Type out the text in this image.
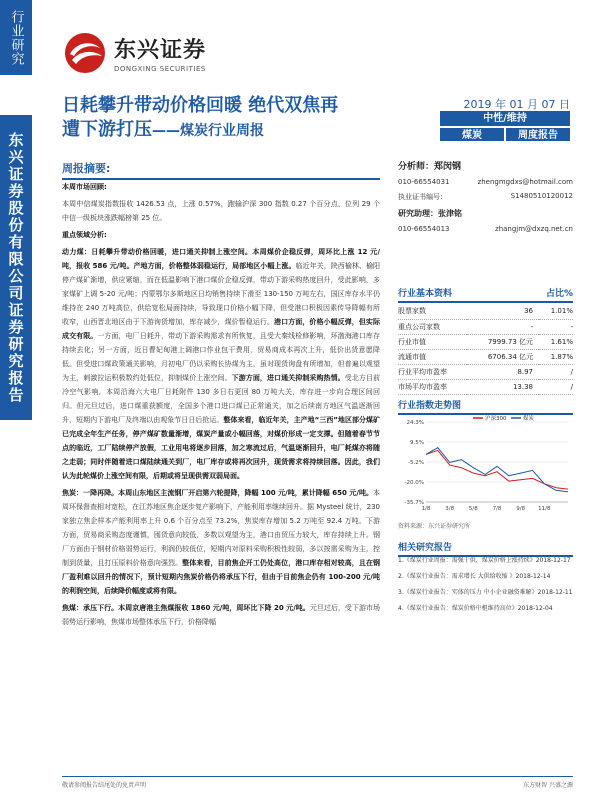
行业研究
东兴证券股份有限公司证券研究报告
东兴证券
DONGXING SECURITIES
日耗攀升带动价格回暖 绝代双焦再
遭下游打压——煤炭行业周报
2019 年 01 月 07 日
中性/维持
煤炭	周度报告
周报摘要:

本周市场回顾:

本周中信煤炭指数报收 1426.53 点，上涨 0.57%，跑输沪深 300 指数 0.27 个百分点，位列 29 个中信一级板块涨跌幅榜第 25 位。

重点领域分析:

动力煤：日耗攀升带动价格回暖，进口通关抑制上涨空间。本周煤价企稳反弹，周环比上涨 12 元/吨，报收 586 元/吨。产地方面，价格整体弱稳运行，局部地区小幅上涨。临近年关，陕西榆林、榆阳停产煤矿渐增，供应紧缩，而在低温影响下港口煤价企稳反弹，带动下游采购热度回升，受此影响，多家煤矿上调 5-20 元/吨；内蒙鄂尔多斯地区日均销售持续下滑至 130-150 万吨左右，国区库存水平仍维持在 240 万吨高位，供给宽松局面持续，导致现口价格小幅下降，但受港口积极因素传导降幅有所收窄，山西晋北地区由于下游询货增加，库存减少，煤价暂稳运行。港口方面，价格小幅反弹，但实际成交有限。一方面，电厂日耗升，带动下游采购需求有所恢复，且受大秦线检修影响，环渤海港口库存持续去化；另一方面，近日曹妃甸港上调港口作业包干费用，贸易商成本再次上升，低价出货意愿降低。但受进口煤政策通关影响，月初电厂仍以采购长协煤为主，虽对现货询盘有所增加，但普遍以观望为主，刺激拉运积极数约处低位，抑制煤价上涨空间。下游方面，进口通关抑制采购热情。受北方目前冷空气影响，本周沿海六大电厂日耗附件 130 多日右更回 80 万吨大关，库存进一步向合理区间回归。但元旦过后，进口煤重获额度，全国多个港口进口煤已正常通关，加之后续南方地区气温逐渐回升，短期内下游电厂及终端以由观象节日日后抢运。整体来看，临近年关，主产地“三西”地区部分煤矿已完成全年生产任务，停产煤矿数量渐增，煤炭产量或小幅回落，对煤价形成一定支撑。但随着春节节点的临近，工厂陆续停产放假，工业用电将逐步回落，加之寒流过后，气温逐渐回升，电厂耗煤亦将随之走弱；同时伴随着进口煤陆续通关到厂，电厂库存或将再次回升，现货需求将持续回落。因此，我们认为此轮煤价上涨空间有限，后期或将呈现供需双弱局面。

焦炭：一降再降。本周山东地区主流钢厂开启第六轮提降，降幅 100 元/吨，累计降幅 650 元/吨。本周环保督查相对宽松，在江苏地区焦企逐步复产影响下，产能利用率继续回升。据 Mysteel 统计，230 家独立焦企样本产能利用率上升 0.6 个百分点至 73.2%，焦炭库存增加 5.2 万吨至 92.4 万吨。下游方面，贸易商采购态度谨慎，囤货意向较低，多数以观望为主，港口由贸压力较大，库存持续上升。钢厂方面由于钢材价格弱势运行，利润仍较低位，短期内对原料采购积极性较弱，多以按需采购为主，控制到货量，且打压原料价格意向强烈。整体来看，目前焦企开工仍处高位，港口库存相对较高，且在钢厂盈利难以回升的情况下，预计短期内焦炭价格仍将承压下行，但由于目前焦企仍有 100-200 元/吨的利润空间，后续降价幅度或将有限。

焦煤：承压下行。本周京唐港主焦煤报收 1860 元/吨，周环比下降 20 元/吨。元旦过后，受下游市场弱势运行影响，焦煤市场整体承压下行，价格降幅

分析师：郑闵钢
010-66554031	zhengmgdxs@hotmail.com
执业证书编号：	S1480510120012
研究助理：张津铭
010-66554013	zhangjm@dxzq.net.cn
行业基本资料	占比%
股票家数	36	1.01%
重点公司家数	-	-
行业市值	7999.73 亿元	1.61%
流通市值	6706.34 亿元	1.87%
行业平均市盈率	8.97	/
市场平均市盈率	13.38	/
行业指数走势图
24.3%
9.5%
-5.2%
-20.0%
-35.7%
1/8	3/8	5/8	7/8	9/8 11/8
沪深300	煤炭
资料来源：东兴证券研究所
相关研究报告
1.《煤炭行业周报：需强于供，煤炭价格上涨持续》2018-12-17
2.《煤炭行业报告：需求增长 大供给收缩 》2018-12-14
3.《煤炭行业报告：实体的压力 中小企业融资难解》2018-12-11
4.《煤炭行业报告：煤炭价格中枢维持高位》2018-12-04
敬请参阅报告结尾处的免责声明	东方财智 兴盛之源
